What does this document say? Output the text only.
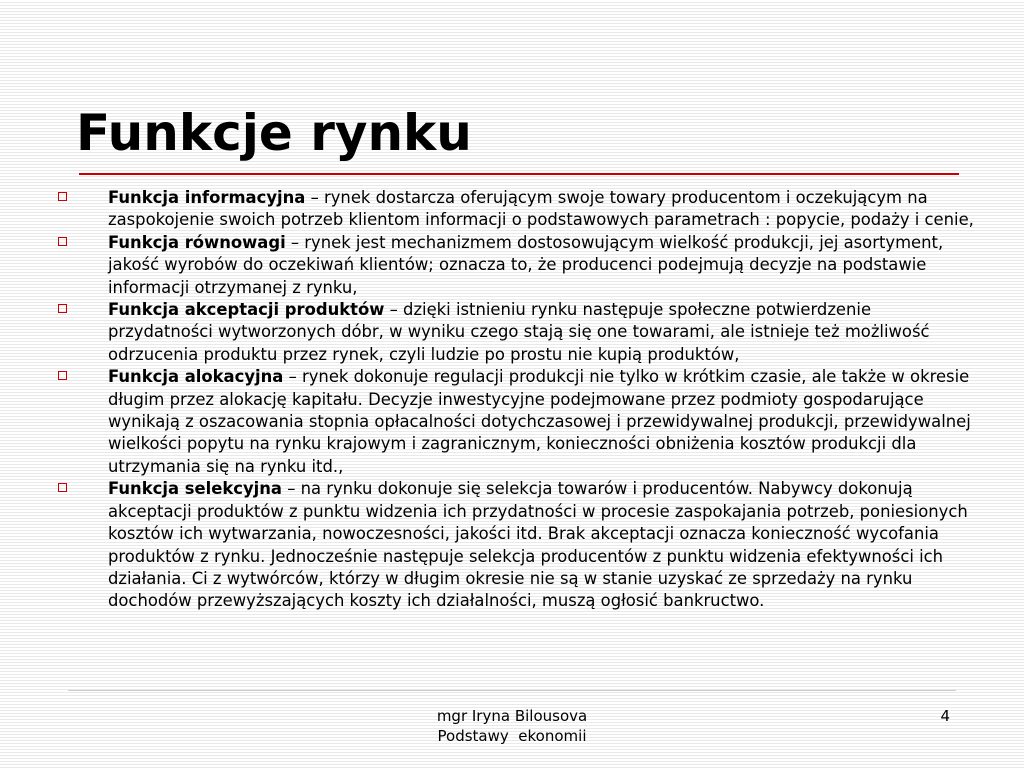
Funkcje rynku
Funkcja informacyjna – rynek dostarcza oferującym swoje towary producentom i oczekującym na zaspokojenie swoich potrzeb klientom informacji o podstawowych parametrach : popycie, podaży i cenie,
Funkcja równowagi – rynek jest mechanizmem dostosowującym wielkość produkcji, jej asortyment, jakość wyrobów do oczekiwań klientów; oznacza to, że producenci podejmują decyzje na podstawie informacji otrzymanej z rynku,
Funkcja akceptacji produktów – dzięki istnieniu rynku następuje społeczne potwierdzenie przydatności wytworzonych dóbr, w wyniku czego stają się one towarami, ale istnieje też możliwość odrzucenia produktu przez rynek, czyli ludzie po prostu nie kupią produktów,
Funkcja alokacyjna – rynek dokonuje regulacji produkcji nie tylko w krótkim czasie, ale także w okresie długim przez alokację kapitału. Decyzje inwestycyjne podejmowane przez podmioty gospodarujące wynikają z oszacowania stopnia opłacalności dotychczasowej i przewidywalnej produkcji, przewidywalnej wielkości popytu na rynku krajowym i zagranicznym, konieczności obniżenia kosztów produkcji dla utrzymania się na rynku itd.,
Funkcja selekcyjna – na rynku dokonuje się selekcja towarów i producentów. Nabywcy dokonują akceptacji produktów z punktu widzenia ich przydatności w procesie zaspokajania potrzeb, poniesionych kosztów ich wytwarzania, nowoczesności, jakości itd. Brak akceptacji oznacza konieczność wycofania produktów z rynku. Jednocześnie następuje selekcja producentów z punktu widzenia efektywności ich działania. Ci z wytwórców, którzy w długim okresie nie są w stanie uzyskać ze sprzedaży na rynku dochodów przewyższających koszty ich działalności, muszą ogłosić bankructwo.
mgr Iryna Bilousova
Podstawy  ekonomii
4
